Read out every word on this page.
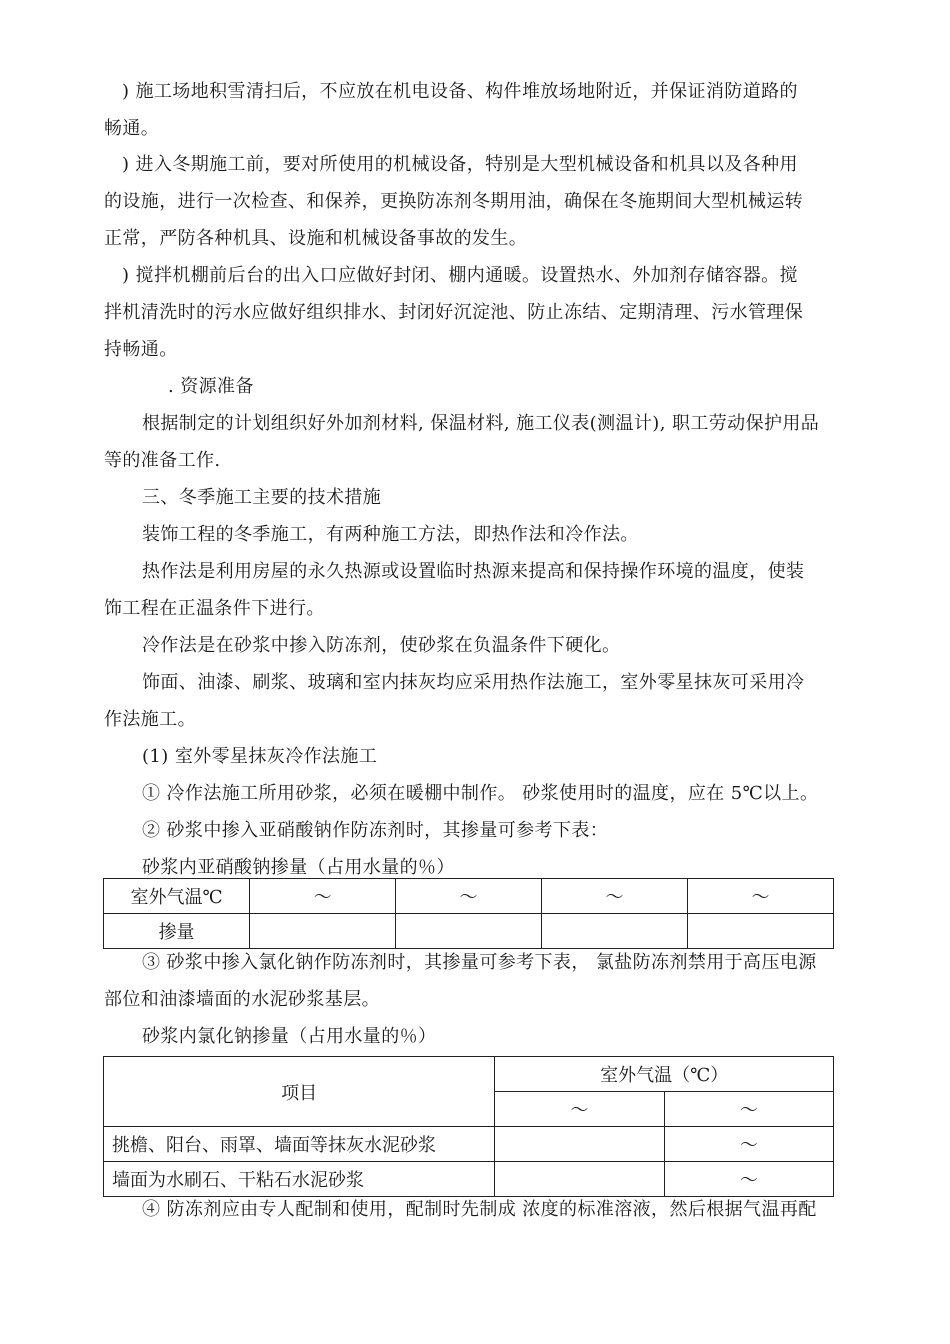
) 施工场地积雪清扫后，不应放在机电设备、构件堆放场地附近，并保证消防道路的
畅通。
) 进入冬期施工前，要对所使用的机械设备，特别是大型机械设备和机具以及各种用
的设施，进行一次检查、和保养，更换防冻剂冬期用油，确保在冬施期间大型机械运转
正常，严防各种机具、设施和机械设备事故的发生。
) 搅拌机棚前后台的出入口应做好封闭、棚内通暖。设置热水、外加剂存储容器。搅
拌机清洗时的污水应做好组织排水、封闭好沉淀池、防止冻结、定期清理、污水管理保
持畅通。
. 资源准备
根据制定的计划组织好外加剂材料, 保温材料, 施工仪表(测温计), 职工劳动保护用品
等的准备工作.
三、冬季施工主要的技术措施
装饰工程的冬季施工，有两种施工方法，即热作法和冷作法。
热作法是利用房屋的永久热源或设置临时热源来提高和保持操作环境的温度，使装
饰工程在正温条件下进行。
冷作法是在砂浆中掺入防冻剂，使砂浆在负温条件下硬化。
饰面、油漆、刷浆、玻璃和室内抹灰均应采用热作法施工，室外零星抹灰可采用冷
作法施工。
(1) 室外零星抹灰冷作法施工
① 冷作法施工所用砂浆，必须在暖棚中制作。 砂浆使用时的温度，应在 5℃以上。
② 砂浆中掺入亚硝酸钠作防冻剂时，其掺量可参考下表：
砂浆内亚硝酸钠掺量（占用水量的％）
室外气温℃	～	～	～	～
掺量				
③ 砂浆中掺入氯化钠作防冻剂时，其掺量可参考下表， 氯盐防冻剂禁用于高压电源
部位和油漆墙面的水泥砂浆基层。
砂浆内氯化钠掺量（占用水量的％）
项目	室外气温（℃）	
	～	～
挑檐、阳台、雨罩、墙面等抹灰水泥砂浆		～
墙面为水刷石、干粘石水泥砂浆		～
④ 防冻剂应由专人配制和使用，配制时先制成 浓度的标准溶液，然后根据气温再配
